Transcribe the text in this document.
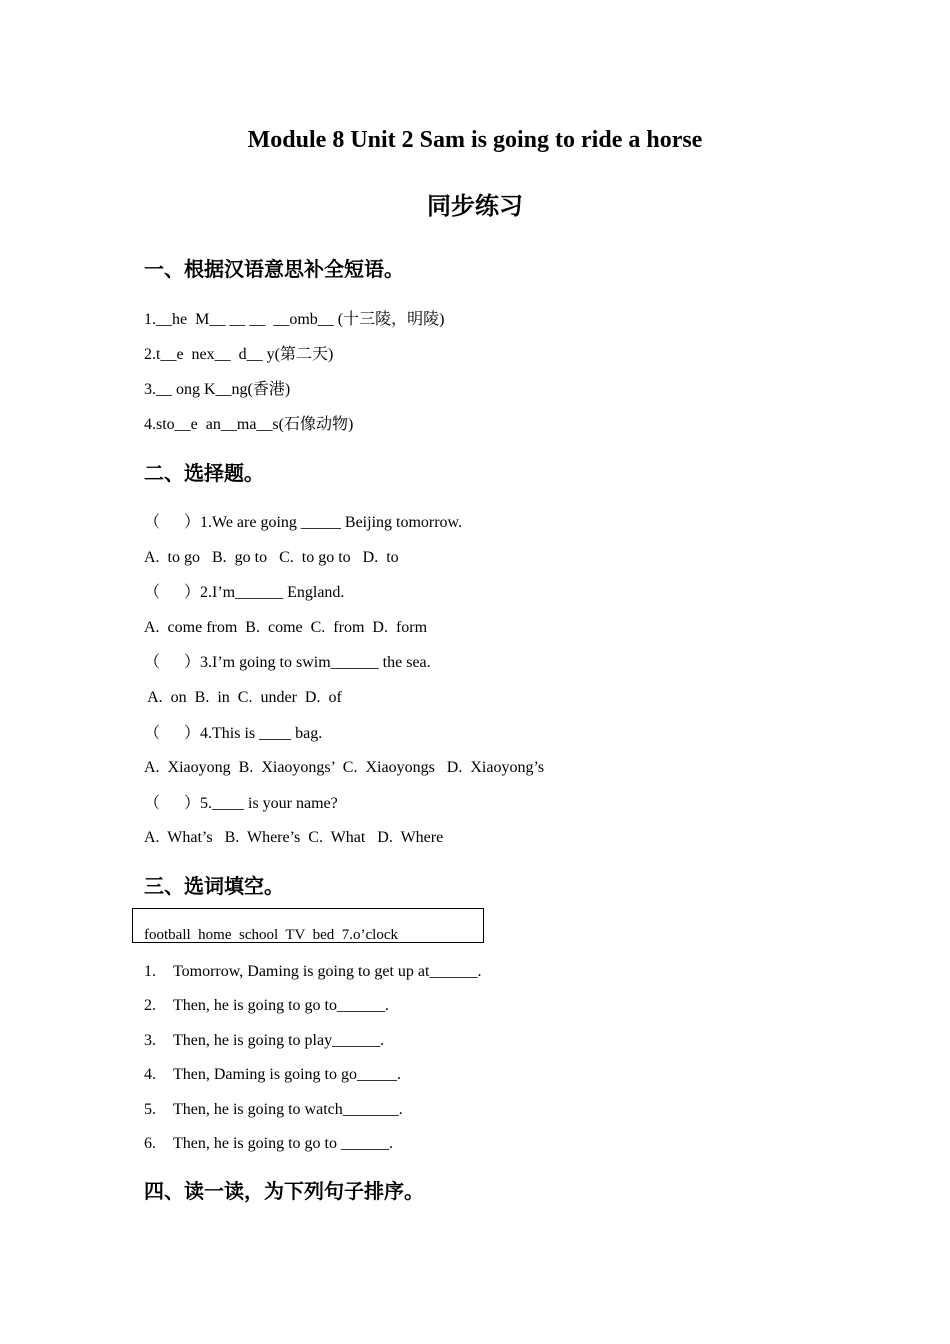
Module 8 Unit 2 Sam is going to ride a horse
同步练习
一、根据汉语意思补全短语。
1.__he  M__ __ __  __omb__ (十三陵，明陵)
2.t__e  nex__  d__ y(第二天)
3.__ ong K__ng(香港)
4.sto__e  an__ma__s(石像动物)
二、选择题。
（      ）1.We are going _____ Beijing tomorrow.
A.  to go   B.  go to   C.  to go to   D.  to
（      ）2.I’m______ England.
A.  come from  B.  come  C.  from  D.  form
（      ）3.I’m going to swim______ the sea.
A.  on  B.  in  C.  under  D.  of
（      ）4.This is ____ bag.
A.  Xiaoyong  B.  Xiaoyongs’  C.  Xiaoyongs   D.  Xiaoyong’s
（      ）5.____ is your name?
A.  What’s   B.  Where’s  C.  What   D.  Where
三、选词填空。
football  home  school  TV  bed  7.o’clock
1. Tomorrow, Daming is going to get up at______.
2. Then, he is going to go to______.
3. Then, he is going to play______.
4. Then, Daming is going to go_____.
5. Then, he is going to watch_______.
6. Then, he is going to go to ______.
四、读一读，为下列句子排序。
